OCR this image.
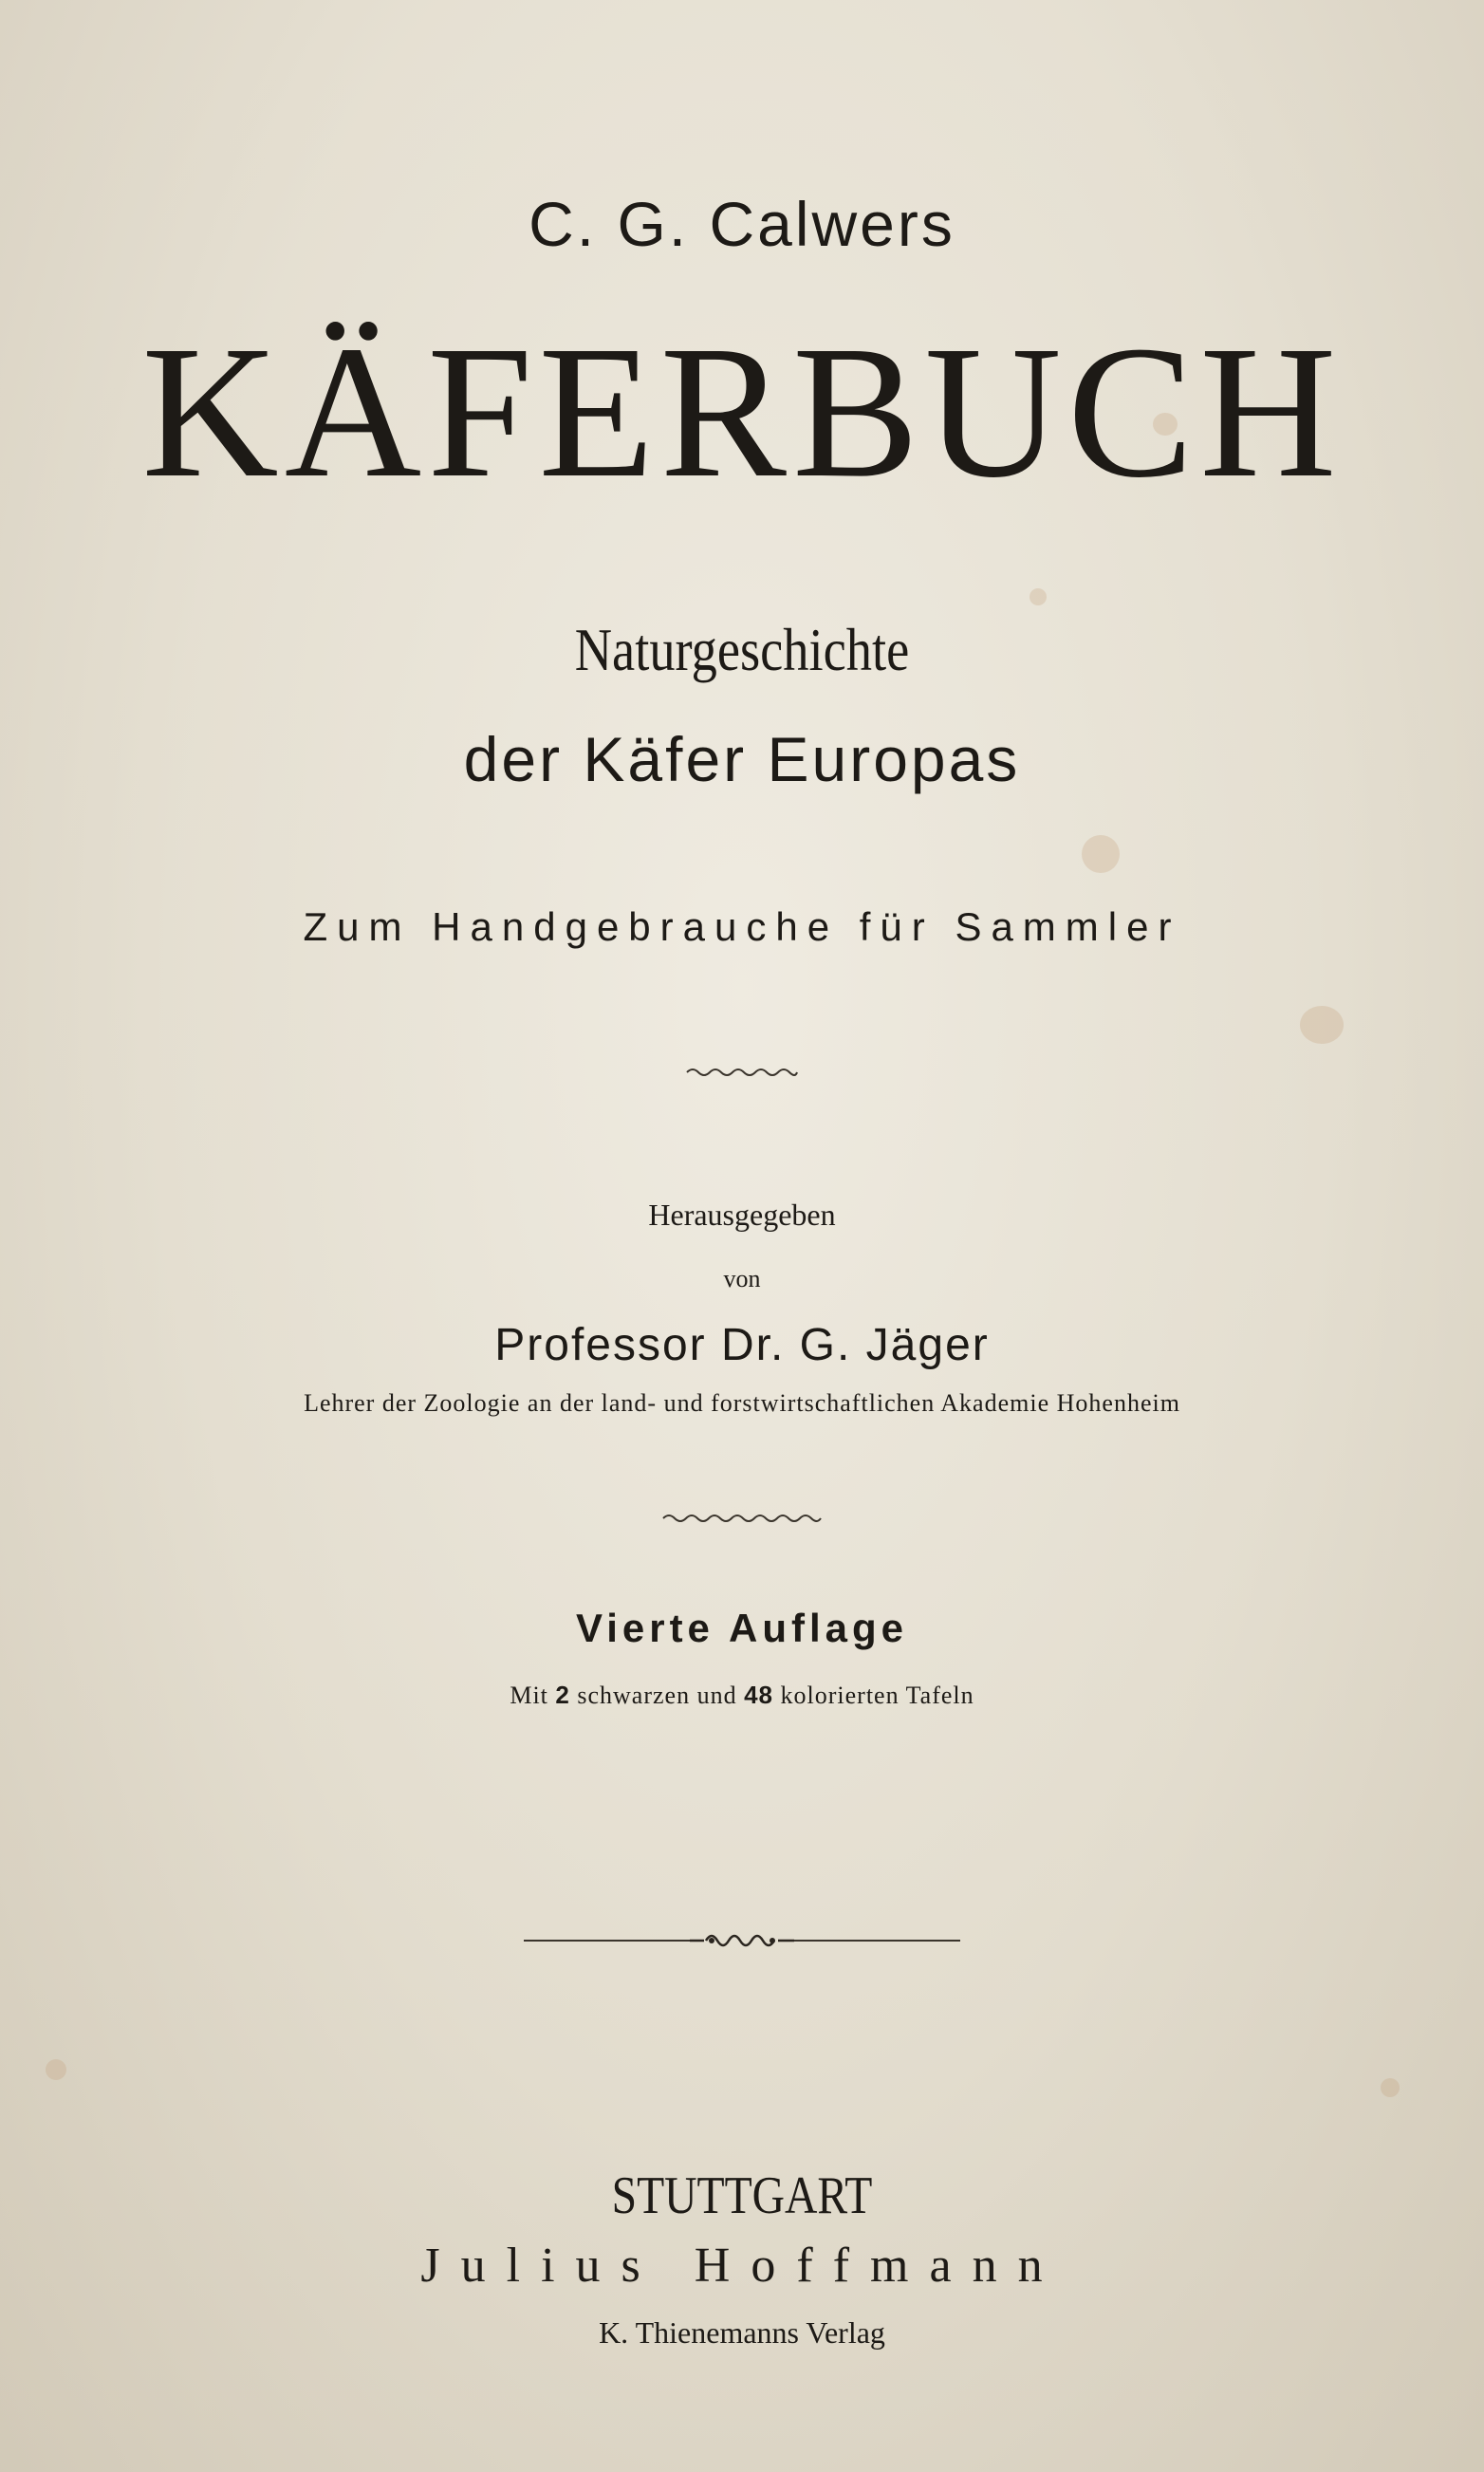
C. G. Calwers
KÄFERBUCH
Naturgeschichte
der Käfer Europas
Zum Handgebrauche für Sammler
Herausgegeben
von
Professor Dr. G. Jäger
Lehrer der Zoologie an der land- und forstwirtschaftlichen Akademie Hohenheim
Vierte Auflage
Mit 2 schwarzen und 48 kolorierten Tafeln
STUTTGART
Julius Hoffmann
K. Thienemanns Verlag
